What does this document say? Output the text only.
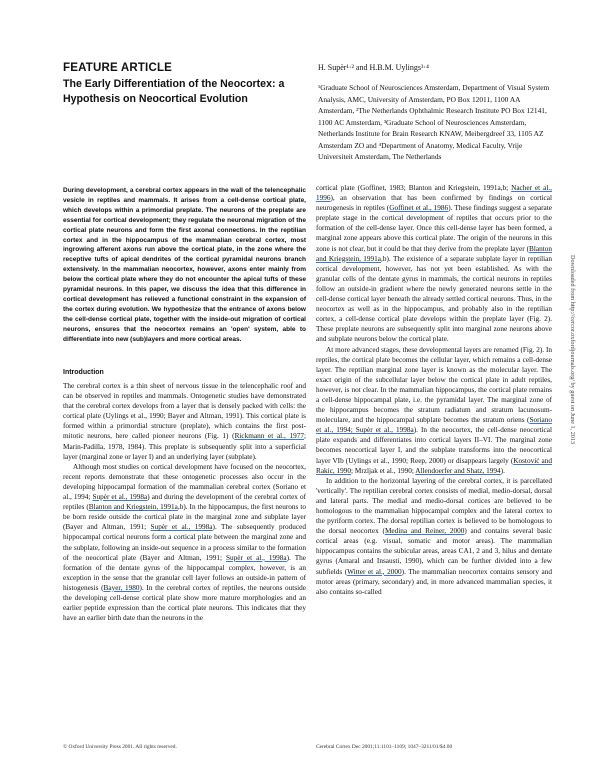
FEATURE ARTICLE
The Early Differentiation of the Neocortex: a Hypothesis on Neocortical Evolution
H. Supèr¹·² and H.B.M. Uylings³·⁴
¹Graduate School of Neurosciences Amsterdam, Department of Visual System Analysis, AMC, University of Amsterdam, PO Box 12011, 1100 AA Amsterdam, ²The Netherlands Ophthalmic Research Institute PO Box 12141, 1100 AC Amsterdam, ³Graduate School of Neurosciences Amsterdam, Netherlands Institute for Brain Research KNAW, Meibergdreef 33, 1105 AZ Amsterdam ZO and ⁴Department of Anatomy, Medical Faculty, Vrije Universiteit Amsterdam, The Netherlands
During development, a cerebral cortex appears in the wall of the telencephalic vesicle in reptiles and mammals. It arises from a cell-dense cortical plate, which develops within a primordial preplate. The neurons of the preplate are essential for cortical development; they regulate the neuronal migration of the cortical plate neurons and form the first axonal connections. In the reptilian cortex and in the hippocampus of the mammalian cerebral cortex, most ingrowing afferent axons run above the cortical plate, in the zone where the receptive tufts of apical dendrites of the cortical pyramidal neurons branch extensively. In the mammalian neocortex, however, axons enter mainly from below the cortical plate where they do not encounter the apical tufts of these pyramidal neurons. In this paper, we discuss the idea that this difference in cortical development has relieved a functional constraint in the expansion of the cortex during evolution. We hypothesize that the entrance of axons below the cell-dense cortical plate, together with the inside-out migration of cortical neurons, ensures that the neocortex remains an 'open' system, able to differentiate into new (sub)layers and more cortical areas.
Introduction

The cerebral cortex is a thin sheet of nervous tissue in the telencephalic roof and can be observed in reptiles and mammals. Ontogenetic studies have demonstrated that the cerebral cortex develops from a layer that is densely packed with cells: the cortical plate (Uylings et al., 1990; Bayer and Altman, 1991). This cortical plate is formed within a primordial structure (preplate), which contains the first post-mitotic neurons, here called pioneer neurons (Fig. 1) (Rickmann et al., 1977; Marin-Padilla, 1978, 1984). This preplate is subsequently split into a superficial layer (marginal zone or layer I) and an underlying layer (subplate).

Although most studies on cortical development have focused on the neocortex, recent reports demonstrate that these ontogenetic processes also occur in the developing hippocampal formation of the mammalian cerebral cortex (Soriano et al., 1994; Supèr et al., 1998a) and during the development of the cerebral cortex of reptiles (Blanton and Kriegstein, 1991a,b). In the hippocampus, the first neurons to be born reside outside the cortical plate in the marginal zone and subplate layer (Bayer and Altman, 1991; Supèr et al., 1998a). The subsequently produced hippocampal cortical neurons form a cortical plate between the marginal zone and the subplate, following an inside-out sequence in a process similar to the formation of the neocortical plate (Bayer and Altman, 1991; Supèr et al., 1998a). The formation of the dentate gyrus of the hippocampal complex, however, is an exception in the sense that the granular cell layer follows an outside-in pattern of histogenesis (Bayer, 1980). In the cerebral cortex of reptiles, the neurons outside the developing cell-dense cortical plate show more mature morphologies and an earlier peptide expression than the cortical plate neurons. This indicates that they have an earlier birth date than the neurons in the

cortical plate (Goffinet, 1983; Blanton and Kriegstein, 1991a,b; Nacher et al., 1996), an observation that has been confirmed by findings on cortical neurogenesis in reptiles (Goffinet et al., 1986). These findings suggest a separate preplate stage in the cortical development of reptiles that occurs prior to the formation of the cell-dense layer. Once this cell-dense layer has been formed, a marginal zone appears above this cortical plate. The origin of the neurons in this zone is not clear, but it could be that they derive from the preplate layer (Blanton and Kriegstein, 1991a,b). The existence of a separate subplate layer in reptilian cortical development, however, has not yet been established. As with the granular cells of the dentate gyrus in mammals, the cortical neurons in reptiles follow an outside-in gradient where the newly generated neurons settle in the cell-dense cortical layer beneath the already settled cortical neurons. Thus, in the neocortex as well as in the hippocampus, and probably also in the reptilian cortex, a cell-dense cortical plate develops within the preplate layer (Fig. 2). These preplate neurons are subsequently split into marginal zone neurons above and subplate neurons below the cortical plate.

At more advanced stages, these developmental layers are renamed (Fig. 2). In reptiles, the cortical plate becomes the cellular layer, which remains a cell-dense layer. The reptilian marginal zone layer is known as the molecular layer. The exact origin of the subcellular layer below the cortical plate in adult reptiles, however, is not clear. In the mammalian hippocampus, the cortical plate remains a cell-dense hippocampal plate, i.e. the pyramidal layer. The marginal zone of the hippocampus becomes the stratum radiatum and stratum lacunosum-moleculare, and the hippocampal subplate becomes the stratum oriens (Soriano et al., 1994; Supèr et al., 1998a). In the neocortex, the cell-dense neocortical plate expands and differentiates into cortical layers II–VI. The marginal zone becomes neocortical layer I, and the subplate transforms into the neocortical layer VIb (Uylings et al., 1990; Reep, 2000) or disappears largely (Kostović and Rakic, 1990; Mrzljak et al., 1990; Allendoerfer and Shatz, 1994).

In addition to the horizontal layering of the cerebral cortex, it is parcellated 'vertically'. The reptilian cerebral cortex consists of medial, medio-dorsal, dorsal and lateral parts. The medial and medio-dorsal cortices are believed to be homologous to the mammalian hippocampal complex and the lateral cortex to the pyriform cortex. The dorsal reptilian cortex is believed to be homologous to the dorsal neocortex (Medina and Reiner, 2000) and contains several basic cortical areas (e.g. visual, somatic and motor areas). The mammalian hippocampus contains the subicular areas, areas CA1, 2 and 3, hilus and dentate gyrus (Amaral and Insausti, 1990), which can be further divided into a few subfields (Witter et al., 2000). The mammalian neocortex contains sensory and motor areas (primary, secondary) and, in more advanced mammalian species, it also contains so-called

© Oxford University Press 2001. All rights reserved.	Cerebral Cortex Dec 2001;11:1101–1109; 1047–3211/01/$4.00
Downloaded from http://cercor.oxfordjournals.org/ by guest on June 1, 2013
